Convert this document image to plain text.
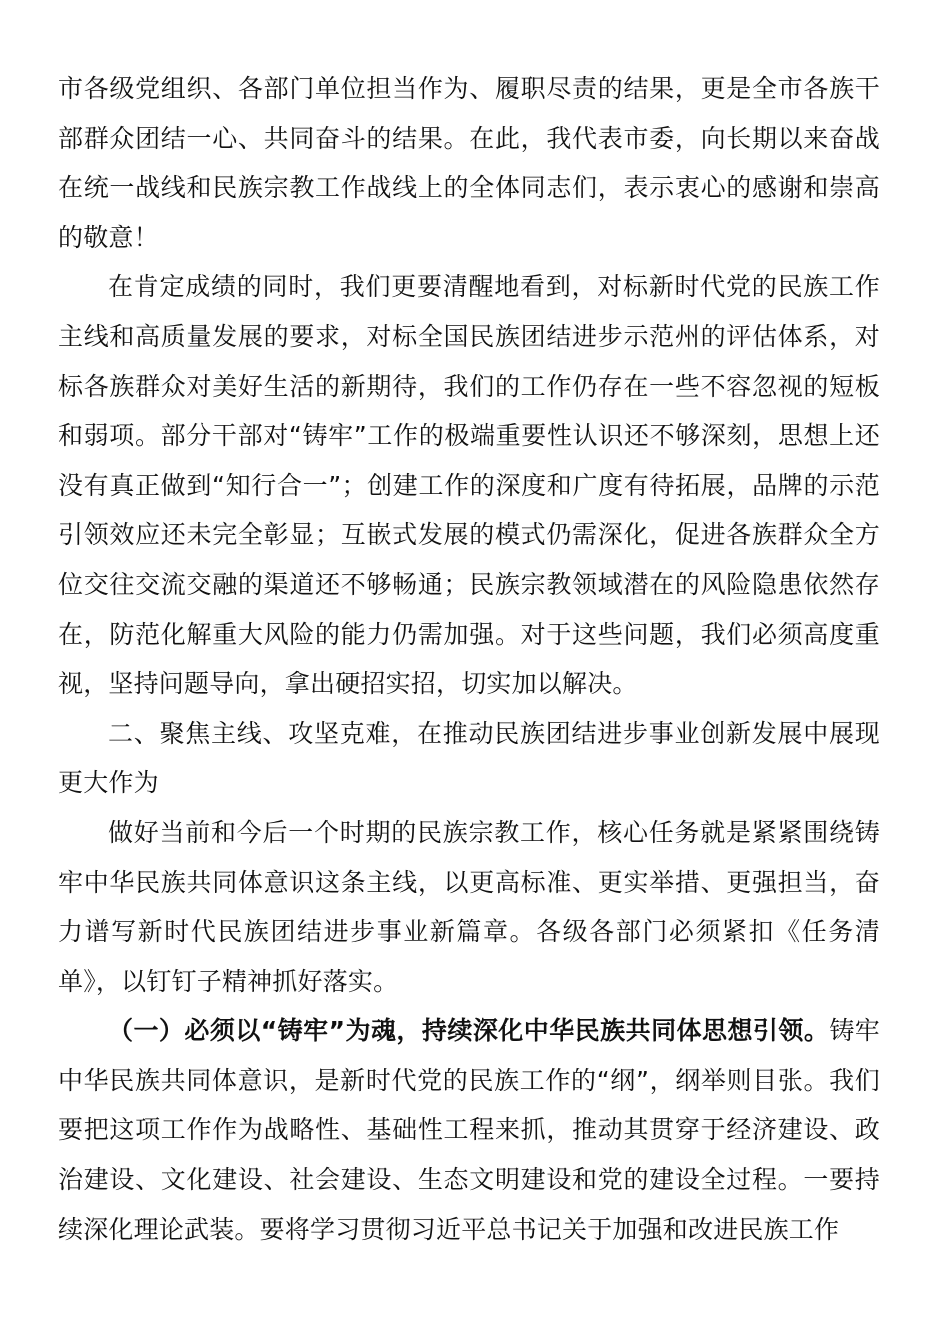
市各级党组织、各部门单位担当作为、履职尽责的结果，更是全市各族干部群众团结一心、共同奋斗的结果。在此，我代表市委，向长期以来奋战在统一战线和民族宗教工作战线上的全体同志们，表示衷心的感谢和崇高的敬意！

在肯定成绩的同时，我们更要清醒地看到，对标新时代党的民族工作主线和高质量发展的要求，对标全国民族团结进步示范州的评估体系，对标各族群众对美好生活的新期待，我们的工作仍存在一些不容忽视的短板和弱项。部分干部对“铸牢”工作的极端重要性认识还不够深刻，思想上还没有真正做到“知行合一”；创建工作的深度和广度有待拓展，品牌的示范引领效应还未完全彰显；互嵌式发展的模式仍需深化，促进各族群众全方位交往交流交融的渠道还不够畅通；民族宗教领域潜在的风险隐患依然存在，防范化解重大风险的能力仍需加强。对于这些问题，我们必须高度重视，坚持问题导向，拿出硬招实招，切实加以解决。

二、聚焦主线、攻坚克难，在推动民族团结进步事业创新发展中展现更大作为

做好当前和今后一个时期的民族宗教工作，核心任务就是紧紧围绕铸牢中华民族共同体意识这条主线，以更高标准、更实举措、更强担当，奋力谱写新时代民族团结进步事业新篇章。各级各部门必须紧扣《任务清单》，以钉钉子精神抓好落实。

（一）必须以“铸牢”为魂，持续深化中华民族共同体思想引领。铸牢中华民族共同体意识，是新时代党的民族工作的“纲”，纲举则目张。我们要把这项工作作为战略性、基础性工程来抓，推动其贯穿于经济建设、政治建设、文化建设、社会建设、生态文明建设和党的建设全过程。一要持续深化理论武装。要将学习贯彻习近平总书记关于加强和改进民族工作
